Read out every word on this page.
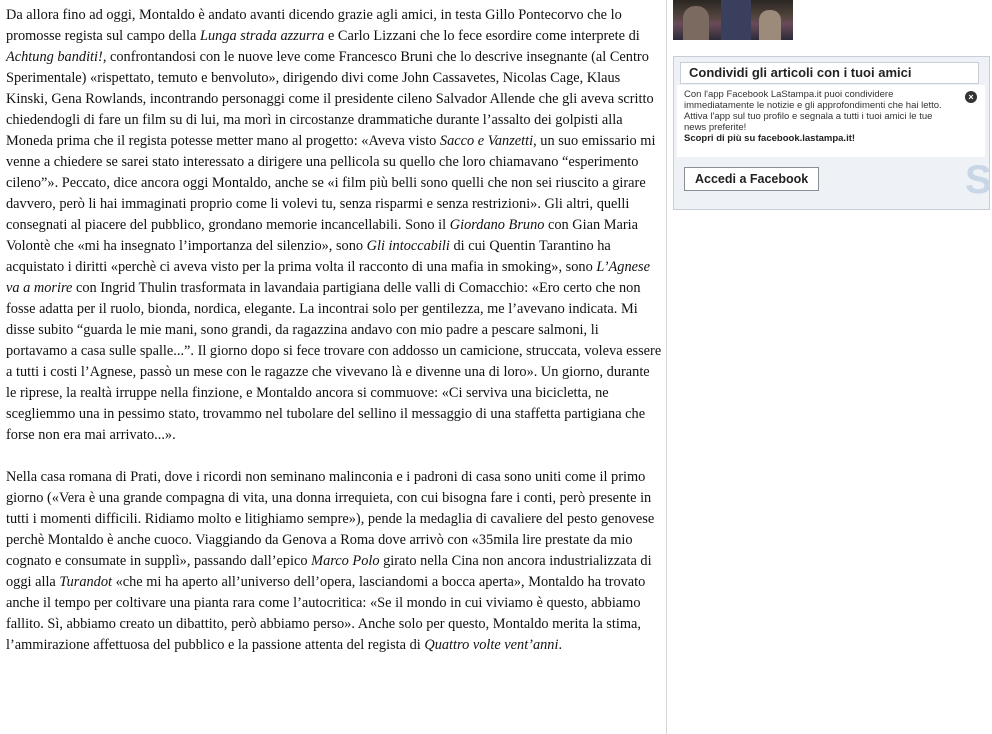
Da allora fino ad oggi, Montaldo è andato avanti dicendo grazie agli amici, in testa Gillo Pontecorvo che lo promosse regista sul campo della Lunga strada azzurra e Carlo Lizzani che lo fece esordire come interprete di Achtung banditi!, confrontandosi con le nuove leve come Francesco Bruni che lo descrive insegnante (al Centro Sperimentale) «rispettato, temuto e benvoluto», dirigendo divi come John Cassavetes, Nicolas Cage, Klaus Kinski, Gena Rowlands, incontrando personaggi come il presidente cileno Salvador Allende che gli aveva scritto chiedendogli di fare un film su di lui, ma morì in circostanze drammatiche durante l’assalto dei golpisti alla Moneda prima che il regista potesse metter mano al progetto: «Aveva visto Sacco e Vanzetti, un suo emissario mi venne a chiedere se sarei stato interessato a dirigere una pellicola su quello che loro chiamavano “esperimento cileno”». Peccato, dice ancora oggi Montaldo, anche se «i film più belli sono quelli che non sei riuscito a girare davvero, però li hai immaginati proprio come li volevi tu, senza risparmi e senza restrizioni». Gli altri, quelli consegnati al piacere del pubblico, grondano memorie incancellabili. Sono il Giordano Bruno con Gian Maria Volontè che «mi ha insegnato l’importanza del silenzio», sono Gli intoccabili di cui Quentin Tarantino ha acquistato i diritti «perchè ci aveva visto per la prima volta il racconto di una mafia in smoking», sono L’Agnese va a morire con Ingrid Thulin trasformata in lavandaia partigiana delle valli di Comacchio: «Ero certo che non fosse adatta per il ruolo, bionda, nordica, elegante. La incontrai solo per gentilezza, me l’avevano indicata. Mi disse subito “guarda le mie mani, sono grandi, da ragazzina andavo con mio padre a pescare salmoni, li portavamo a casa sulle spalle...”. Il giorno dopo si fece trovare con addosso un camicione, struccata, voleva essere a tutti i costi l’Agnese, passò un mese con le ragazze che vivevano là e divenne una di loro». Un giorno, durante le riprese, la realtà irruppe nella finzione, e Montaldo ancora si commuove: «Ci serviva una bicicletta, ne scegliemmo una in pessimo stato, trovammo nel tubolare del sellino il messaggio di una staffetta partigiana che forse non era mai arrivato...».

Nella casa romana di Prati, dove i ricordi non seminano malinconia e i padroni di casa sono uniti come il primo giorno («Vera è una grande compagna di vita, una donna irrequieta, con cui bisogna fare i conti, però presente in tutti i momenti difficili. Ridiamo molto e litighiamo sempre»), pende la medaglia di cavaliere del pesto genovese perchè Montaldo è anche cuoco. Viaggiando da Genova a Roma dove arrivò con «35mila lire prestate da mio cognato e consumate in supplì», passando dall’epico Marco Polo girato nella Cina non ancora industrializzata di oggi alla Turandot «che mi ha aperto all’universo dell’opera, lasciandomi a bocca aperta», Montaldo ha trovato anche il tempo per coltivare una pianta rara come l’autocritica: «Se il mondo in cui viviamo è questo, abbiamo fallito. Sì, abbiamo creato un dibattito, però abbiamo perso». Anche solo per questo, Montaldo merita la stima, l’ammirazione affettuosa del pubblico e la passione attenta del regista di Quattro volte vent’anni.

Condividi gli articoli con i tuoi amici
Con l'app Facebook LaStampa.it puoi condividere immediatamente le notizie e gli approfondimenti che hai letto.
Attiva l'app sul tuo profilo e segnala a tutti i tuoi amici le tue news preferite!
Scopri di più su facebook.lastampa.it!
×
Accedi a Facebook	S
